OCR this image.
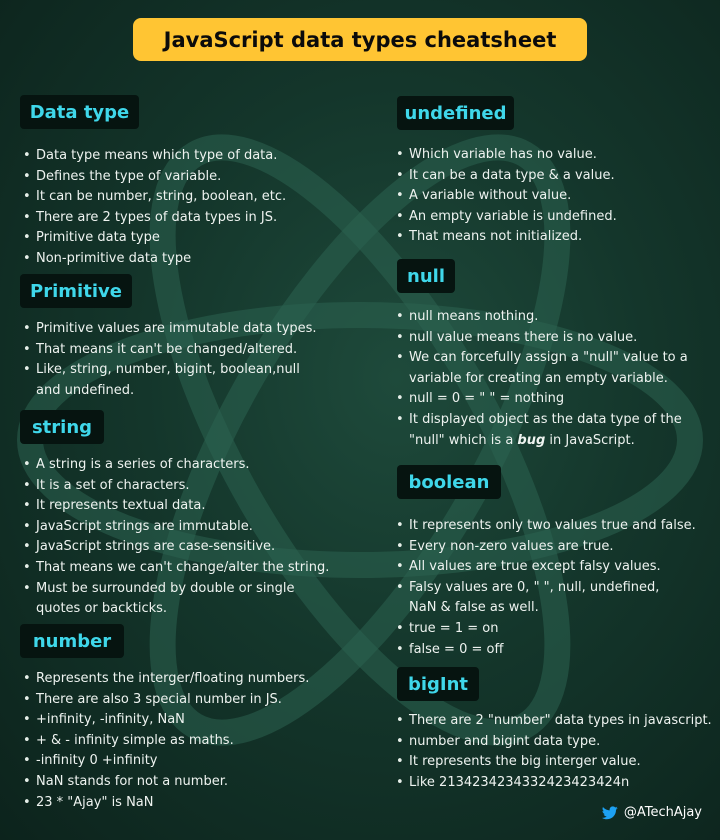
JavaScript data types cheatsheet
Data type
• Data type means which type of data.
• Defines the type of variable.
• It can be number, string, boolean, etc.
• There are 2 types of data types in JS.
• Primitive data type
• Non-primitive data type
Primitive
• Primitive values are immutable data types.
• That means it can't be changed/altered.
• Like, string, number, bigint, boolean,null
and undefined.
string
• A string is a series of characters.
• It is a set of characters.
• It represents textual data.
• JavaScript strings are immutable.
• JavaScript strings are case-sensitive.
• That means we can't change/alter the string.
• Must be surrounded by double or single
quotes or backticks.
number
• Represents the interger/floating numbers.
• There are also 3 special number in JS.
• +infinity, -infinity, NaN
• + & - infinity simple as maths.
• -infinity 0 +infinity
• NaN stands for not a number.
• 23 * "Ajay" is NaN
undefined
• Which variable has no value.
• It can be a data type & a value.
• A variable without value.
• An empty variable is undefined.
• That means not initialized.
null
• null means nothing.
• null value means there is no value.
• We can forcefully assign a "null" value to a
variable for creating an empty variable.
• null = 0 = " " = nothing
• It displayed object as the data type of the
"null" which is a bug in JavaScript.
boolean
• It represents only two values true and false.
• Every non-zero values are true.
• All values are true except falsy values.
• Falsy values are 0, " ", null, undefined,
NaN & false as well.
• true = 1 = on
• false = 0 = off
bigInt
• There are 2 "number" data types in javascript.
• number and bigint data type.
• It represents the big interger value.
• Like 2134234234332423423424n
@ATechAjay
